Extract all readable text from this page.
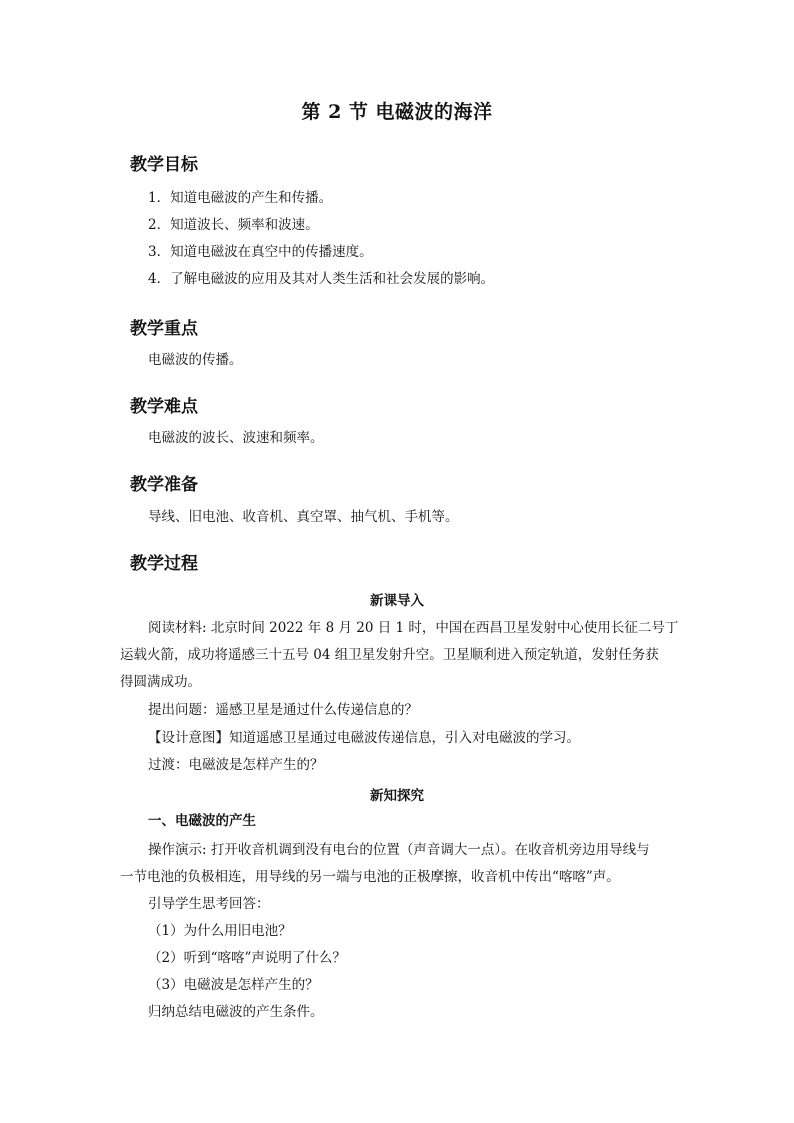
第 2 节 电磁波的海洋
教学目标
1．知道电磁波的产生和传播。
2．知道波长、频率和波速。
3．知道电磁波在真空中的传播速度。
4．了解电磁波的应用及其对人类生活和社会发展的影响。
教学重点
电磁波的传播。
教学难点
电磁波的波长、波速和频率。
教学准备
导线、旧电池、收音机、真空罩、抽气机、手机等。
教学过程
新课导入
阅读材料: 北京时间 2022 年 8 月 20 日 1 时，中国在西昌卫星发射中心使用长征二号丁
运载火箭，成功将遥感三十五号 04 组卫星发射升空。卫星顺利进入预定轨道，发射任务获
得圆满成功。
提出问题：遥感卫星是通过什么传递信息的？
【设计意图】知道遥感卫星通过电磁波传递信息，引入对电磁波的学习。
过渡：电磁波是怎样产生的？
新知探究
一、电磁波的产生
操作演示: 打开收音机调到没有电台的位置（声音调大一点）。在收音机旁边用导线与
一节电池的负极相连，用导线的另一端与电池的正极摩擦，收音机中传出“喀喀”声。
引导学生思考回答：
（1）为什么用旧电池？
（2）听到“喀喀”声说明了什么？
（3）电磁波是怎样产生的？
归纳总结电磁波的产生条件。
